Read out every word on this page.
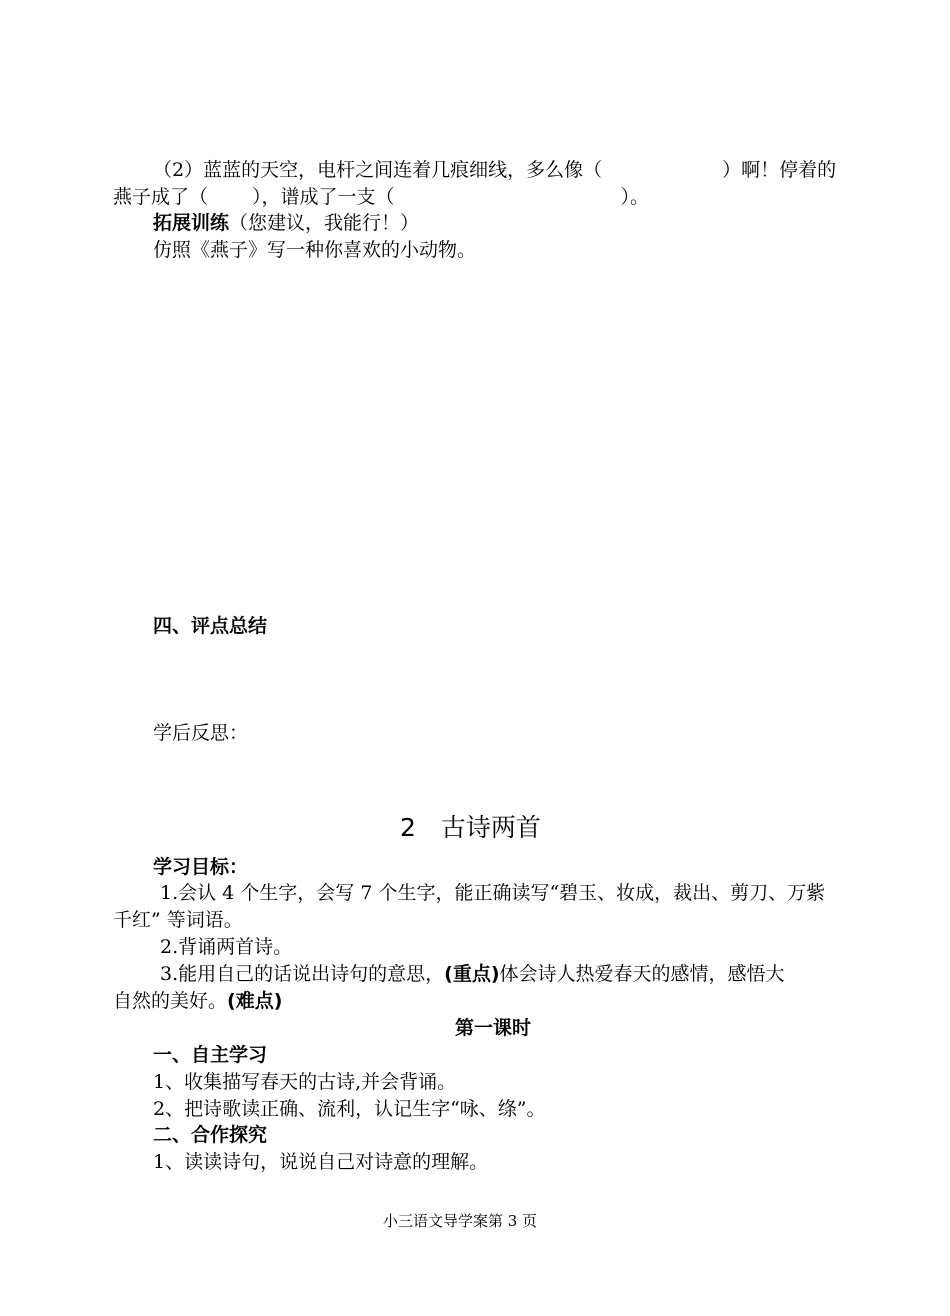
（2）蓝蓝的天空，电杆之间连着几痕细线，多么像（	）啊！停着的
燕子成了（ ），谱成了一支（	）。
拓展训练（您建议，我能行！）
仿照《燕子》写一种你喜欢的小动物。
四、评点总结
学后反思：
2　古诗两首
学习目标：
1.会认 4 个生字，会写 7 个生字，能正确读写“碧玉、妆成，裁出、剪刀、万紫
千红” 等词语。
2.背诵两首诗。
3.能用自己的话说出诗句的意思，(重点)体会诗人热爱春天的感情，感悟大
自然的美好。(难点)
第一课时
一、自主学习
1、收集描写春天的古诗,并会背诵。
2、把诗歌读正确、流利，认记生字“咏、绦”。
二、合作探究
1、读读诗句，说说自己对诗意的理解。
小三语文导学案第 3 页
